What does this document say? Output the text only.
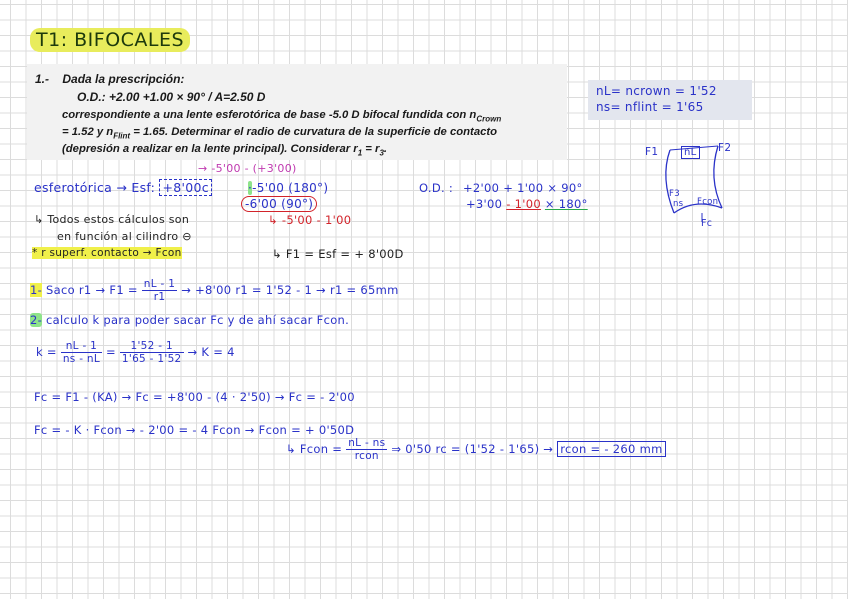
T1: BIFOCALES
1.- Dada la prescripción:
O.D.: +2.00 +1.00 × 90° / A=2.50 D
correspondiente a una lente esferotórica de base -5.0 D bifocal fundida con $n_{Crown}$
= 1.52 y $n_{Flint} = 1.65$. Determinar el radio de curvatura de la superficie de contacto
(depresión a realizar en la lente principal). Considerar $r_1 = r_3$.
nL= ncrown = 1'52
ns= nflint = 1'65
F1	F2
nL
F3
ns Fcon
Fc
→ -5'00 - (+3'00)
esferotórica → Esf: +8'00c	·-5'00 (180°)
-6'00 (90°)
↳ -5'00 - 1'00
O.D. : +2'00 + 1'00 × 90°
+3'00 - 1'00 × 180°
↳ Todos estos cálculos son
en función al cilindro ⊖
* r superf. contacto → Fcon	↳ F1 = Esf = + 8'00D
1- Saco $r1 \to F1 = \frac{nL - 1}{r1} \to +8'00$ r1 = 1'52 - 1 → r1 = 65mm
2- calculo k para poder sacar Fc y de ahí sacar Fcon.
$k = \frac{nL - 1}{ns - nL} = \frac{1'52 - 1}{1'65 - 1'52} \to K = 4$
Fc = F1 - (KA) → Fc = +8'00 - (4 · 2'50) → Fc = - 2'00
Fc = - K · Fcon → - 2'00 = - 4 Fcon → Fcon = + 0'50D
↳ Fcon = $\frac{nL - ns}{\text{rcon}}$ ⇒ 0'50 rc = (1'52 - 1'65) → rcon = - 260 mm
